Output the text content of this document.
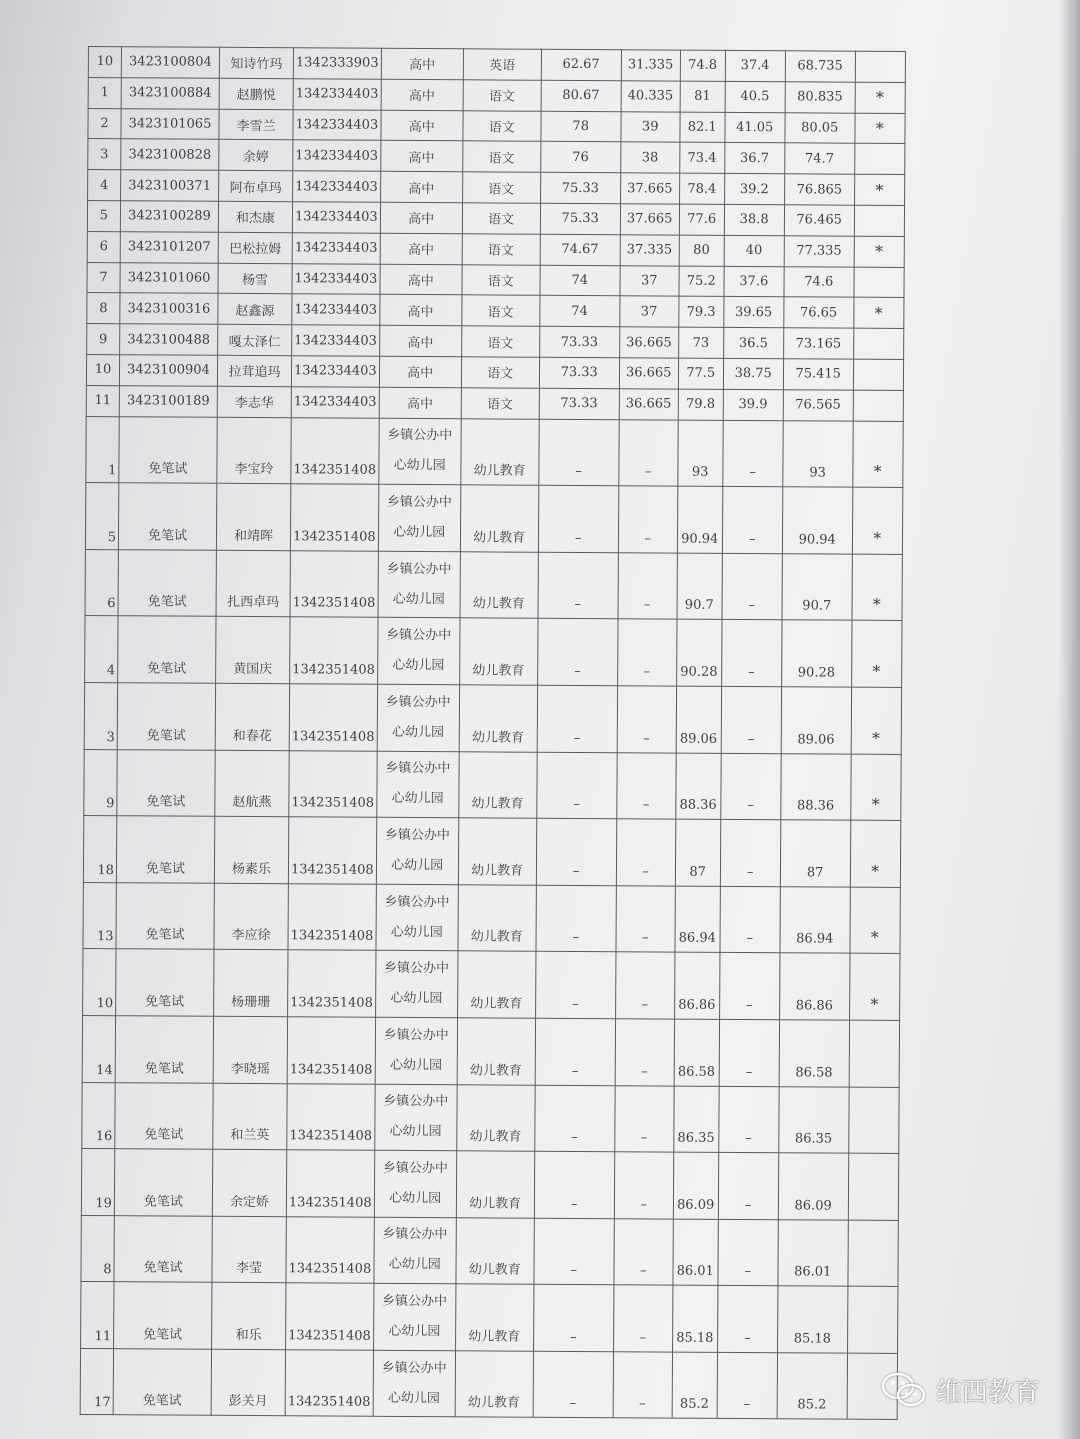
10	3423100804	知诗竹玛	1342333903	高中	英语	62.67	31.335	74.8	37.4	68.735	
1	3423100884	赵鹏悦	1342334403	高中	语文	80.67	40.335	81	40.5	80.835	*
2	3423101065	李雪兰	1342334403	高中	语文	78	39	82.1	41.05	80.05	*
3	3423100828	余婷	1342334403	高中	语文	76	38	73.4	36.7	74.7	
4	3423100371	阿布卓玛	1342334403	高中	语文	75.33	37.665	78.4	39.2	76.865	*
5	3423100289	和杰康	1342334403	高中	语文	75.33	37.665	77.6	38.8	76.465	
6	3423101207	巴松拉姆	1342334403	高中	语文	74.67	37.335	80	40	77.335	*
7	3423101060	杨雪	1342334403	高中	语文	74	37	75.2	37.6	74.6	
8	3423100316	赵鑫源	1342334403	高中	语文	74	37	79.3	39.65	76.65	*
9	3423100488	嘎太泽仁	1342334403	高中	语文	73.33	36.665	73	36.5	73.165	
10	3423100904	拉茸追玛	1342334403	高中	语文	73.33	36.665	77.5	38.75	75.415	
11	3423100189	李志华	1342334403	高中	语文	73.33	36.665	79.8	39.9	76.565	
1	免笔试	李宝玲	1342351408	乡镇公办中
心幼儿园	幼儿教育	–	–	93	–	93	*
5	免笔试	和靖晖	1342351408	乡镇公办中
心幼儿园	幼儿教育	–	–	90.94	–	90.94	*
6	免笔试	扎西卓玛	1342351408	乡镇公办中
心幼儿园	幼儿教育	–	–	90.7	–	90.7	*
4	免笔试	黄国庆	1342351408	乡镇公办中
心幼儿园	幼儿教育	–	–	90.28	–	90.28	*
3	免笔试	和春花	1342351408	乡镇公办中
心幼儿园	幼儿教育	–	–	89.06	–	89.06	*
9	免笔试	赵航燕	1342351408	乡镇公办中
心幼儿园	幼儿教育	–	–	88.36	–	88.36	*
18	免笔试	杨素乐	1342351408	乡镇公办中
心幼儿园	幼儿教育	–	–	87	–	87	*
13	免笔试	李应徐	1342351408	乡镇公办中
心幼儿园	幼儿教育	–	–	86.94	–	86.94	*
10	免笔试	杨珊珊	1342351408	乡镇公办中
心幼儿园	幼儿教育	–	–	86.86	–	86.86	*
14	免笔试	李晓瑶	1342351408	乡镇公办中
心幼儿园	幼儿教育	–	–	86.58	–	86.58	
16	免笔试	和兰英	1342351408	乡镇公办中
心幼儿园	幼儿教育	–	–	86.35	–	86.35	
19	免笔试	余定娇	1342351408	乡镇公办中
心幼儿园	幼儿教育	–	–	86.09	–	86.09	
8	免笔试	李莹	1342351408	乡镇公办中
心幼儿园	幼儿教育	–	–	86.01	–	86.01	
11	免笔试	和乐	1342351408	乡镇公办中
心幼儿园	幼儿教育	–	–	85.18	–	85.18	
17	免笔试	彭关月	1342351408	乡镇公办中
心幼儿园	幼儿教育	–	–	85.2	–	85.2		维西教育
